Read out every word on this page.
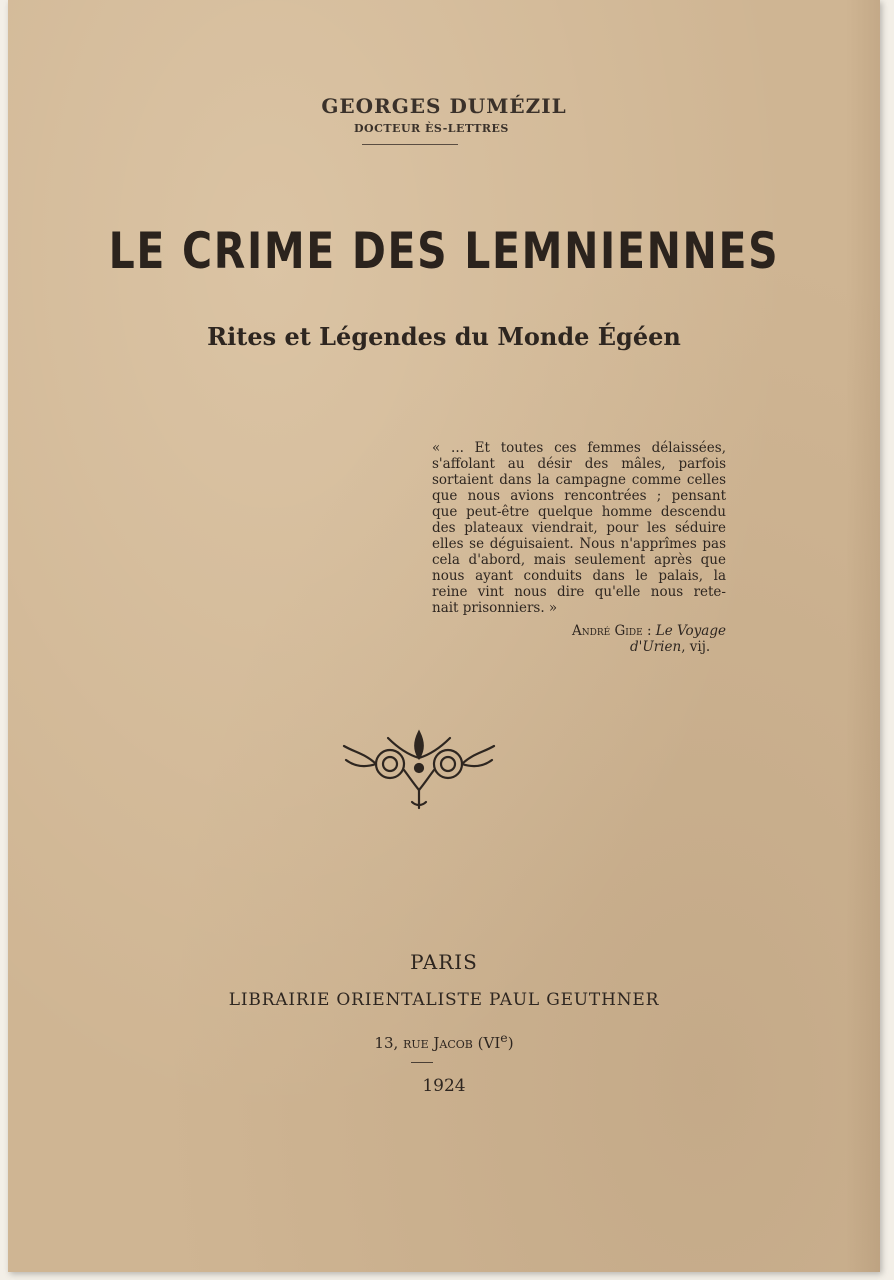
GEORGES DUMÉZIL
DOCTEUR ÈS-LETTRES
LE CRIME DES LEMNIENNES
Rites et Légendes du Monde Égéen
« ... Et toutes ces femmes délaissées,
s'affolant au désir des mâles, parfois
sortaient dans la campagne comme celles
que nous avions rencontrées ; pensant
que peut-être quelque homme descendu
des plateaux viendrait, pour les séduire
elles se déguisaient. Nous n'apprîmes pas
cela d'abord, mais seulement après que
nous ayant conduits dans le palais, la
reine vint nous dire qu'elle nous rete-
nait prisonniers. »
André Gide : Le Voyage
d'Urien, vij.
PARIS
LIBRAIRIE ORIENTALISTE PAUL GEUTHNER
13, rue Jacob (VIe)
1924
